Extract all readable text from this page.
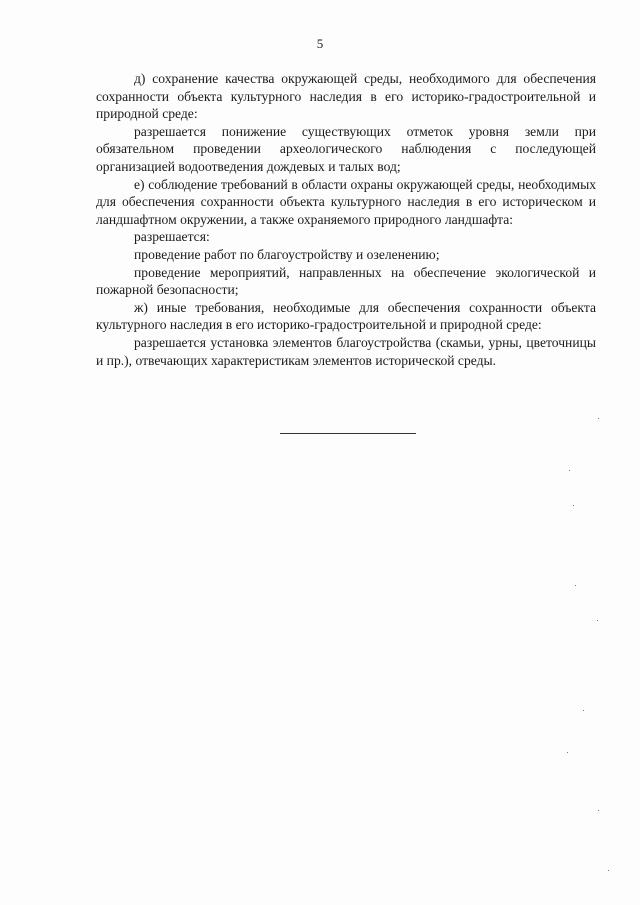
5

д) сохранение качества окружающей среды, необходимого для обеспечения сохранности объекта культурного наследия в его историко-градостроительной и природной среде:

разрешается понижение существующих отметок уровня земли при обязательном проведении археологического наблюдения с последующей организацией водоотведения дождевых и талых вод;

е) соблюдение требований в области охраны окружающей среды, необходимых для обеспечения сохранности объекта культурного наследия в его историческом и ландшафтном окружении, а также охраняемого природного ландшафта:

разрешается:

проведение работ по благоустройству и озеленению;

проведение мероприятий, направленных на обеспечение экологической и пожарной безопасности;

ж) иные требования, необходимые для обеспечения сохранности объекта культурного наследия в его историко-градостроительной и природной среде:

разрешается установка элементов благоустройства (скамьи, урны, цветочницы и пр.), отвечающих характеристикам элементов исторической среды.
